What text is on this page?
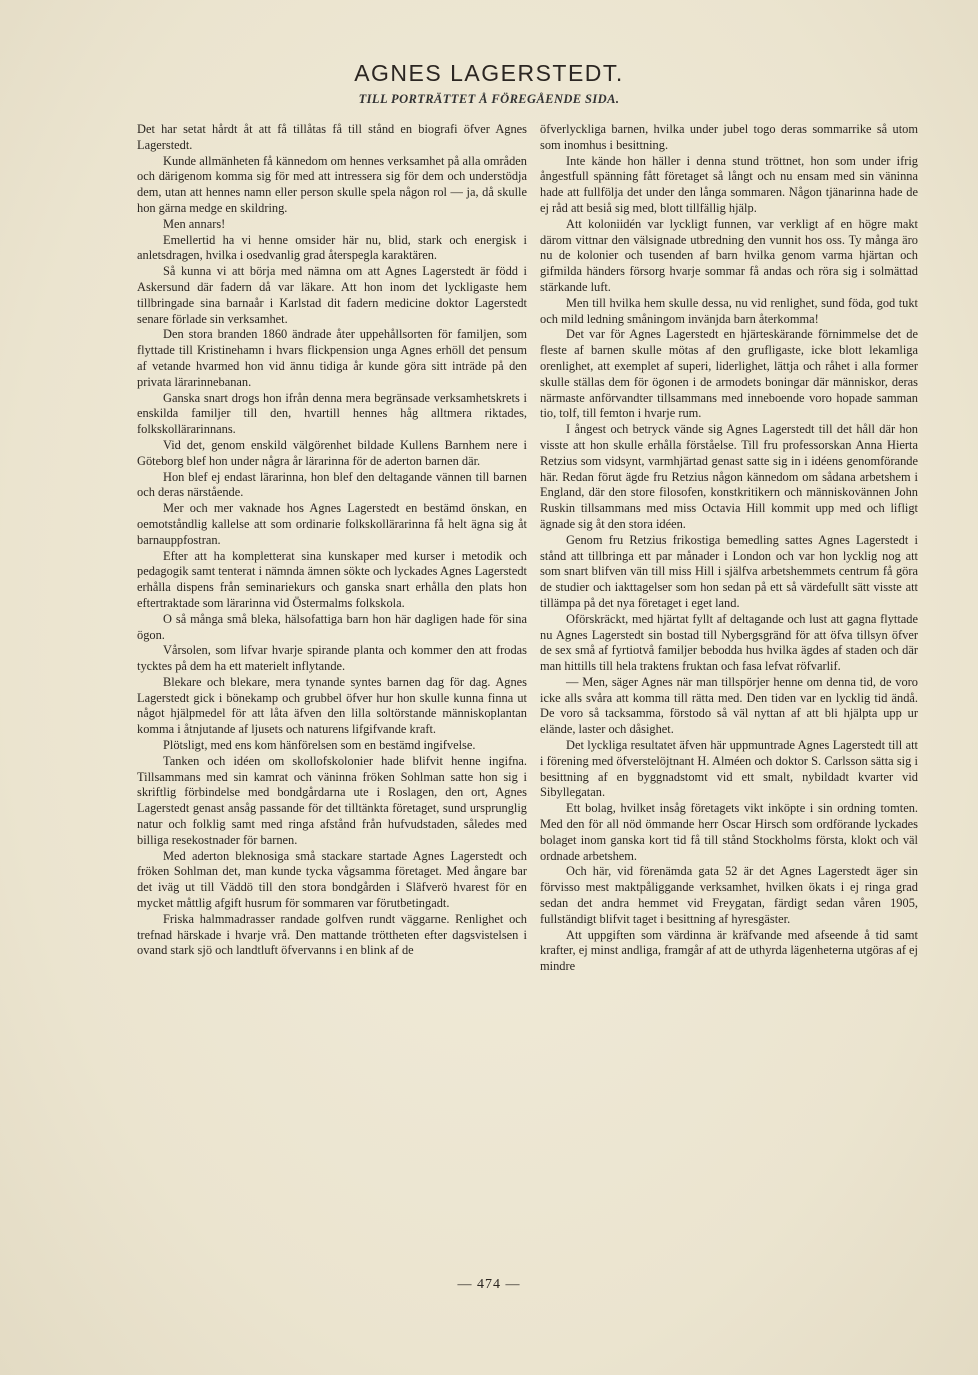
AGNES LAGERSTEDT.
TILL PORTRÄTTET Å FÖREGÅENDE SIDA.

Det har setat hårdt åt att få tillåtas få till stånd en biografi öfver Agnes Lagerstedt.

Kunde allmänheten få kännedom om hennes verksamhet på alla områden och därigenom komma sig för med att intressera sig för dem och understödja dem, utan att hennes namn eller person skulle spela någon rol — ja, då skulle hon gärna medge en skildring.

Men annars!

Emellertid ha vi henne omsider här nu, blid, stark och energisk i anletsdragen, hvilka i osedvanlig grad återspegla karaktären.

Så kunna vi att börja med nämna om att Agnes Lagerstedt är född i Askersund där fadern då var läkare. Att hon inom det lyckligaste hem tillbringade sina barnaår i Karlstad dit fadern medicine doktor Lagerstedt senare förlade sin verksamhet.

Den stora branden 1860 ändrade åter uppehållsorten för familjen, som flyttade till Kristinehamn i hvars flickpension unga Agnes erhöll det pensum af vetande hvarmed hon vid ännu tidiga år kunde göra sitt inträde på den privata lärarinnebanan.

Ganska snart drogs hon ifrån denna mera begränsade verksamhetskrets i enskilda familjer till den, hvartill hennes håg alltmera riktades, folkskollärarinnans.

Vid det, genom enskild välgörenhet bildade Kullens Barnhem nere i Göteborg blef hon under några år lärarinna för de aderton barnen där.

Hon blef ej endast lärarinna, hon blef den deltagande vännen till barnen och deras närstående.

Mer och mer vaknade hos Agnes Lagerstedt en bestämd önskan, en oemotståndlig kallelse att som ordinarie folkskollärarinna få helt ägna sig åt barnauppfostran.

Efter att ha kompletterat sina kunskaper med kurser i metodik och pedagogik samt tenterat i nämnda ämnen sökte och lyckades Agnes Lagerstedt erhålla dispens från seminariekurs och ganska snart erhålla den plats hon eftertraktade som lärarinna vid Östermalms folkskola.

O så många små bleka, hälsofattiga barn hon här dagligen hade för sina ögon.

Vårsolen, som lifvar hvarje spirande planta och kommer den att frodas tycktes på dem ha ett materielt inflytande.

Blekare och blekare, mera tynande syntes barnen dag för dag. Agnes Lagerstedt gick i bönekamp och grubbel öfver hur hon skulle kunna finna ut något hjälpmedel för att låta äfven den lilla soltörstande människoplantan komma i åtnjutande af ljusets och naturens lifgifvande kraft.

Plötsligt, med ens kom hänförelsen som en bestämd ingifvelse.

Tanken och idéen om skollofskolonier hade blifvit henne ingifna. Tillsammans med sin kamrat och väninna fröken Sohlman satte hon sig i skriftlig förbindelse med bondgårdarna ute i Roslagen, den ort, Agnes Lagerstedt genast ansåg passande för det tilltänkta företaget, sund ursprunglig natur och folklig samt med ringa afstånd från hufvudstaden, således med billiga resekostnader för barnen.

Med aderton bleknosiga små stackare startade Agnes Lagerstedt och fröken Sohlman det, man kunde tycka vågsamma företaget. Med ångare bar det iväg ut till Väddö till den stora bondgården i Släfverö hvarest för en mycket måttlig afgift husrum för sommaren var förutbetingadt.

Friska halmmadrasser randade golfven rundt väggarne. Renlighet och trefnad härskade i hvarje vrå. Den mattande tröttheten efter dagsvistelsen i ovand stark sjö och landtluft öfvervanns i en blink af de

öfverlyckliga barnen, hvilka under jubel togo deras sommarrike så utom som inomhus i besittning.

Inte kände hon häller i denna stund tröttnet, hon som under ifrig ångestfull spänning fått företaget så långt och nu ensam med sin väninna hade att fullfölja det under den långa sommaren. Någon tjänarinna hade de ej råd att besiå sig med, blott tillfällig hjälp.

Att koloniidén var lyckligt funnen, var verkligt af en högre makt därom vittnar den välsignade utbredning den vunnit hos oss. Ty många äro nu de kolonier och tusenden af barn hvilka genom varma hjärtan och gifmilda händers försorg hvarje sommar få andas och röra sig i solmättad stärkande luft.

Men till hvilka hem skulle dessa, nu vid renlighet, sund föda, god tukt och mild ledning småningom invänjda barn återkomma!

Det var för Agnes Lagerstedt en hjärteskärande förnimmelse det de fleste af barnen skulle mötas af den grufligaste, icke blott lekamliga orenlighet, att exemplet af superi, liderlighet, lättja och råhet i alla former skulle ställas dem för ögonen i de armodets boningar där människor, deras närmaste anförvandter tillsammans med inneboende voro hopade samman tio, tolf, till femton i hvarje rum.

I ångest och betryck vände sig Agnes Lagerstedt till det håll där hon visste att hon skulle erhålla förståelse. Till fru professorskan Anna Hierta Retzius som vidsynt, varmhjärtad genast satte sig in i idéens genomförande här. Redan förut ägde fru Retzius någon kännedom om sådana arbetshem i England, där den store filosofen, konstkritikern och människovännen John Ruskin tillsammans med miss Octavia Hill kommit upp med och lifligt ägnade sig åt den stora idéen.

Genom fru Retzius frikostiga bemedling sattes Agnes Lagerstedt i stånd att tillbringa ett par månader i London och var hon lycklig nog att som snart blifven vän till miss Hill i själfva arbetshemmets centrum få göra de studier och iakttagelser som hon sedan på ett så värdefullt sätt visste att tillämpa på det nya företaget i eget land.

Oförskräckt, med hjärtat fyllt af deltagande och lust att gagna flyttade nu Agnes Lagerstedt sin bostad till Nybergsgränd för att öfva tillsyn öfver de sex små af fyrtiotvå familjer bebodda hus hvilka ägdes af staden och där man hittills till hela traktens fruktan och fasa lefvat röfvarlif.

— Men, säger Agnes när man tillspörjer henne om denna tid, de voro icke alls svåra att komma till rätta med. Den tiden var en lycklig tid ändå. De voro så tacksamma, förstodo så väl nyttan af att bli hjälpta upp ur elände, laster och dåsighet.

Det lyckliga resultatet äfven här uppmuntrade Agnes Lagerstedt till att i förening med öfverstelöjtnant H. Alméen och doktor S. Carlsson sätta sig i besittning af en byggnadstomt vid ett smalt, nybildadt kvarter vid Sibyllegatan.

Ett bolag, hvilket insåg företagets vikt inköpte i sin ordning tomten. Med den för all nöd ömmande herr Oscar Hirsch som ordförande lyckades bolaget inom ganska kort tid få till stånd Stockholms första, klokt och väl ordnade arbetshem.

Och här, vid förenämda gata 52 är det Agnes Lagerstedt äger sin förvisso mest maktpåliggande verksamhet, hvilken ökats i ej ringa grad sedan det andra hemmet vid Freygatan, färdigt sedan våren 1905, fullständigt blifvit taget i besittning af hyresgäster.

Att uppgiften som värdinna är kräfvande med afseende å tid samt krafter, ej minst andliga, framgår af att de uthyrda lägenheterna utgöras af ej mindre

— 474 —
